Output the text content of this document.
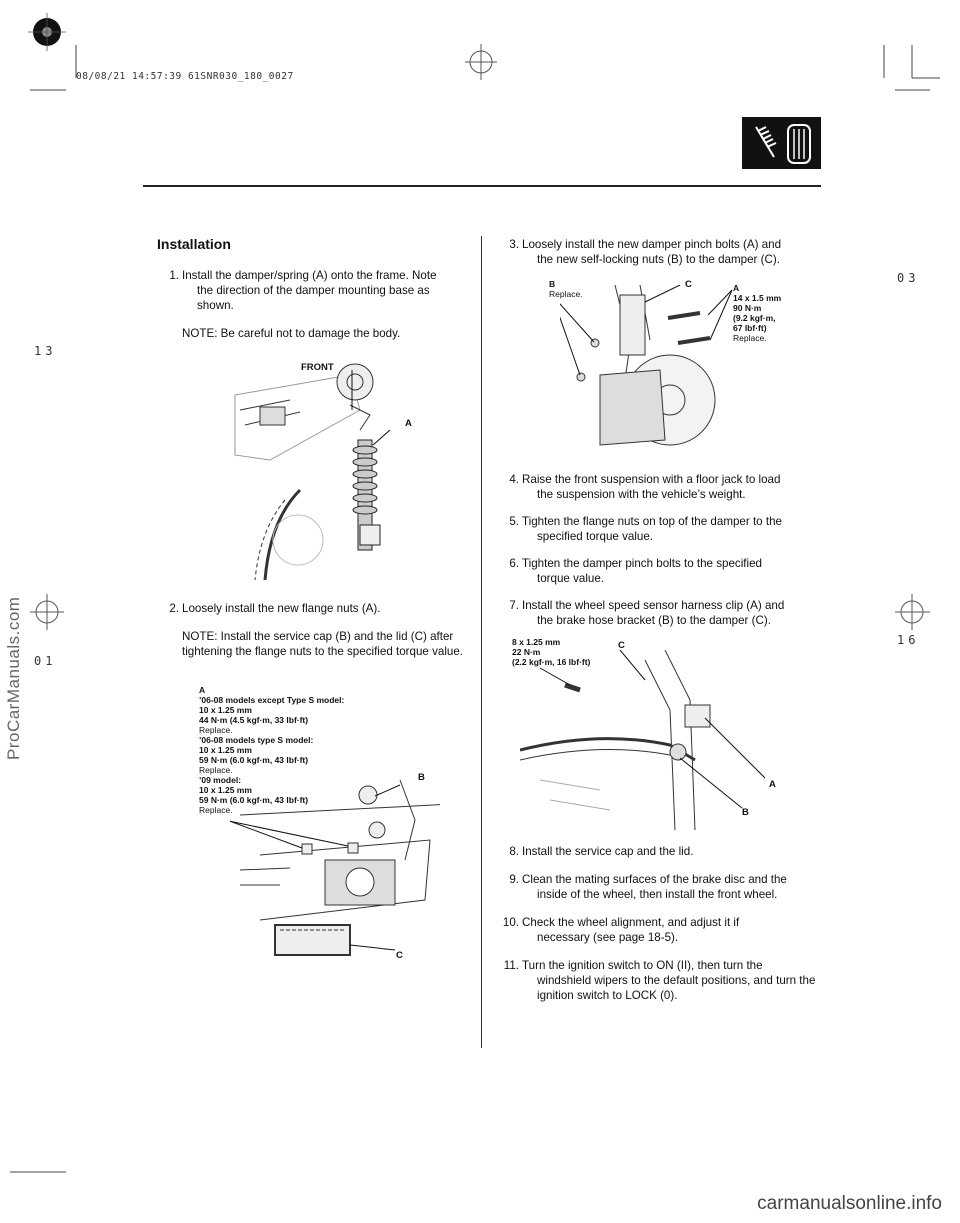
08/08/21 14:57:39 61SNR030_180_0027
13
01
03
16
Installation
1. Install the damper/spring (A) onto the frame. Note

the direction of the damper mounting base as shown.

NOTE: Be careful not to damage the body.

FRONT
A
2. Loosely install the new flange nuts (A).

NOTE: Install the service cap (B) and the lid (C) after tightening the flange nuts to the specified torque value.

A
’06-08 models except Type S model:
10 x 1.25 mm
44 N·m (4.5 kgf·m, 33 lbf·ft)
Replace.
’06-08 models type S model:
10 x 1.25 mm
59 N·m (6.0 kgf·m, 43 lbf·ft)
Replace.
’09 model:
10 x 1.25 mm
59 N·m (6.0 kgf·m, 43 lbf·ft)
Replace.
B
C
3. Loosely install the new damper pinch bolts (A) and

the new self-locking nuts (B) to the damper (C).

B
Replace.
C	A
14 x 1.5 mm
90 N·m
(9.2 kgf·m,
67 lbf·ft)
Replace.
4. Raise the front suspension with a floor jack to load

the suspension with the vehicle’s weight.

5. Tighten the flange nuts on top of the damper to the

specified torque value.

6. Tighten the damper pinch bolts to the specified

torque value.

7. Install the wheel speed sensor harness clip (A) and

the brake hose bracket (B) to the damper (C).

8 x 1.25 mm
22 N·m
(2.2 kgf·m, 16 lbf·ft)
C
A
B
8. Install the service cap and the lid.

9. Clean the mating surfaces of the brake disc and the

inside of the wheel, then install the front wheel.

10. Check the wheel alignment, and adjust it if

necessary (see page 18-5).

11. Turn the ignition switch to ON (II), then turn the

windshield wipers to the default positions, and turn the ignition switch to LOCK (0).

ProCarManuals.com
carmanualsonline.info
